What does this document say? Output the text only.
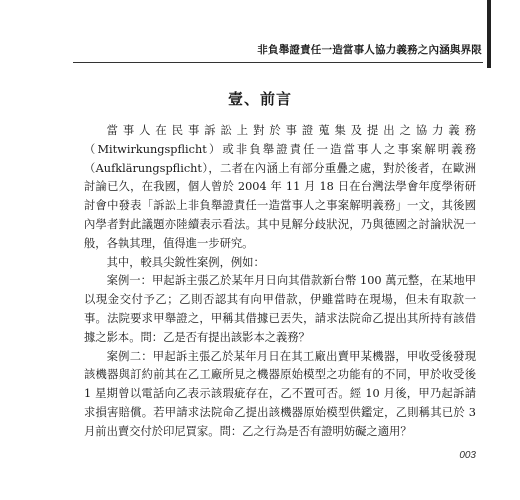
非負舉證責任一造當事人協力義務之內涵與界限
壹、前言

當事人在民事訴訟上對於事證蒐集及提出之協力義務（Mitwirkungspflicht）或非負舉證責任一造當事人之事案解明義務（Aufklärungspflicht），二者在內涵上有部分重疊之處，對於後者，在歐洲討論已久，在我國，個人曾於 2004 年 11 月 18 日在台灣法學會年度學術研討會中發表「訴訟上非負舉證責任一造當事人之事案解明義務」一文，其後國內學者對此議題亦陸續表示看法。其中見解分歧狀況，乃與德國之討論狀況一般，各執其理，值得進一步研究。

其中，較具尖銳性案例，例如：

案例一：甲起訴主張乙於某年月日向其借款新台幣 100 萬元整，在某地甲以現金交付予乙；乙則否認其有向甲借款，伊雖當時在現場，但未有取款一事。法院要求甲舉證之，甲稱其借據已丟失，請求法院命乙提出其所持有該借據之影本。問：乙是否有提出該影本之義務？

案例二：甲起訴主張乙於某年月日在其工廠出賣甲某機器，甲收受後發現該機器與訂約前其在乙工廠所見之機器原始模型之功能有的不同，甲於收受後 1 星期曾以電話向乙表示該瑕疵存在，乙不置可否。經 10 月後，甲乃起訴請求損害賠償。若甲請求法院命乙提出該機器原始模型供鑑定，乙則稱其已於 3 月前出賣交付於印尼買家。問：乙之行為是否有證明妨礙之適用？

003
